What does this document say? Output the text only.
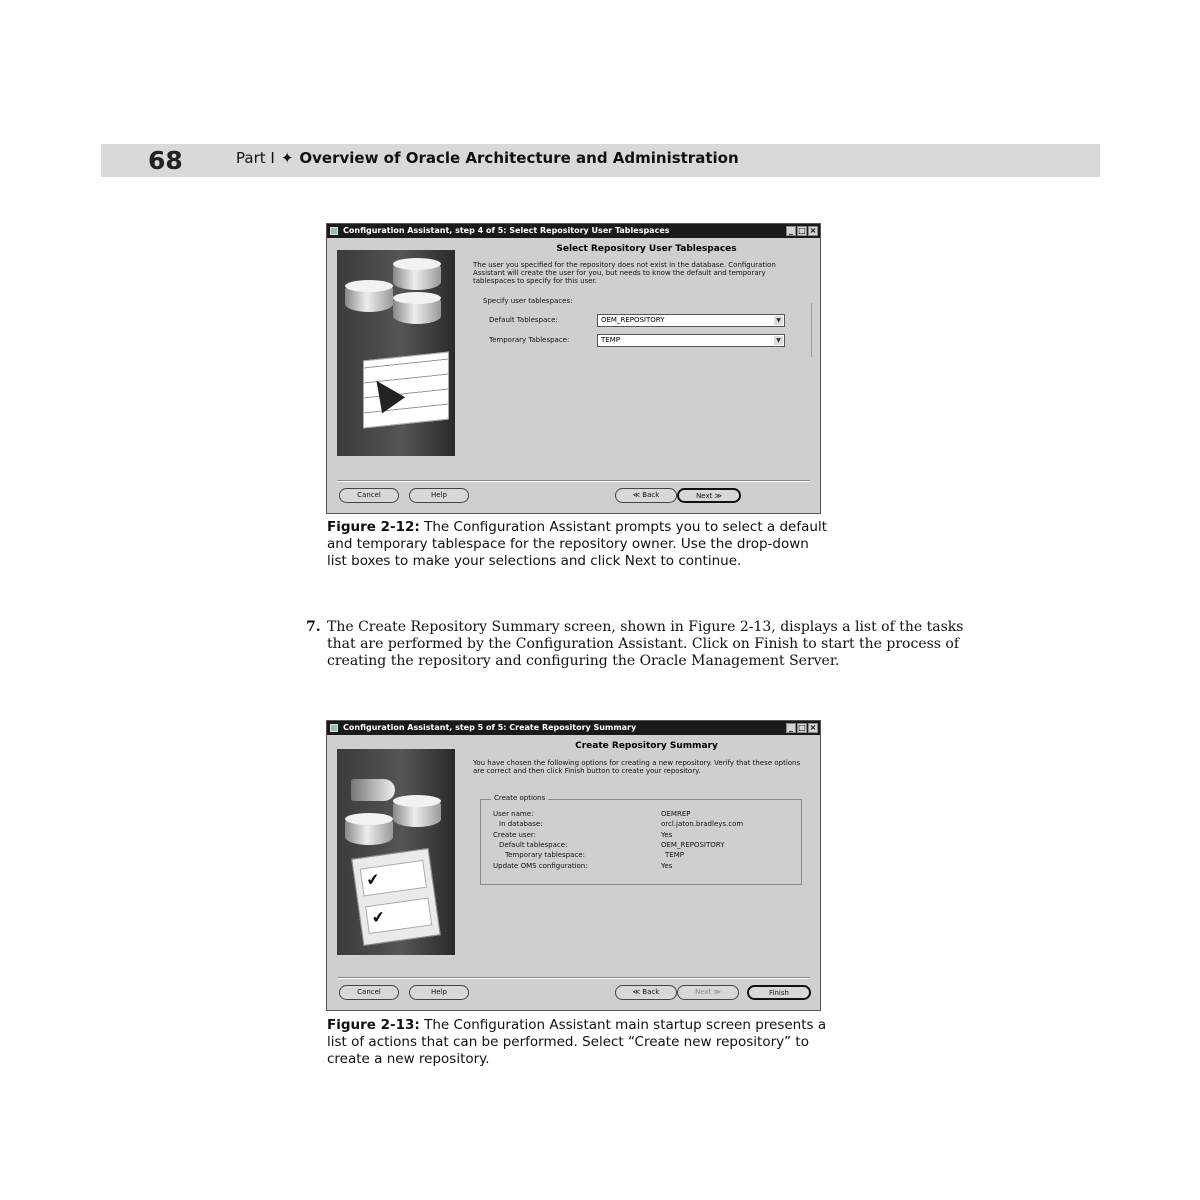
68	Part I ✦ Overview of Oracle Architecture and Administration
Configuration Assistant, step 4 of 5: Select Repository User Tablespaces	_ □ ×
Select Repository User Tablespaces
The user you specified for the repository does not exist in the database. Configuration Assistant will create the user for you, but needs to know the default and temporary tablespaces to specify for this user.
Specify user tablespaces:
Default Tablespace:	OEM_REPOSITORY	▼
Temporary Tablespace:	TEMP	▼
Cancel	Help	≪ Back	Next ≫
Figure 2-12: The Configuration Assistant prompts you to select a default and temporary tablespace for the repository owner. Use the drop-down list boxes to make your selections and click Next to continue.
7. The Create Repository Summary screen, shown in Figure 2-13, displays a list of the tasks that are performed by the Configuration Assistant. Click on Finish to start the process of creating the repository and configuring the Oracle Management Server.
Configuration Assistant, step 5 of 5: Create Repository Summary	_ □ ×
✔
✔
Create Repository Summary
You have chosen the following options for creating a new repository. Verify that these options are correct and then click Finish button to create your repository.
Create options
User name:	OEMREP
In database:	orcl.jaton.bradleys.com
Create user:	Yes
Default tablespace:	OEM_REPOSITORY
Temporary tablespace:	TEMP
Update OMS configuration:	Yes
Cancel	Help	≪ Back	Next ≫	Finish
Figure 2-13: The Configuration Assistant main startup screen presents a list of actions that can be performed. Select “Create new repository” to create a new repository.
